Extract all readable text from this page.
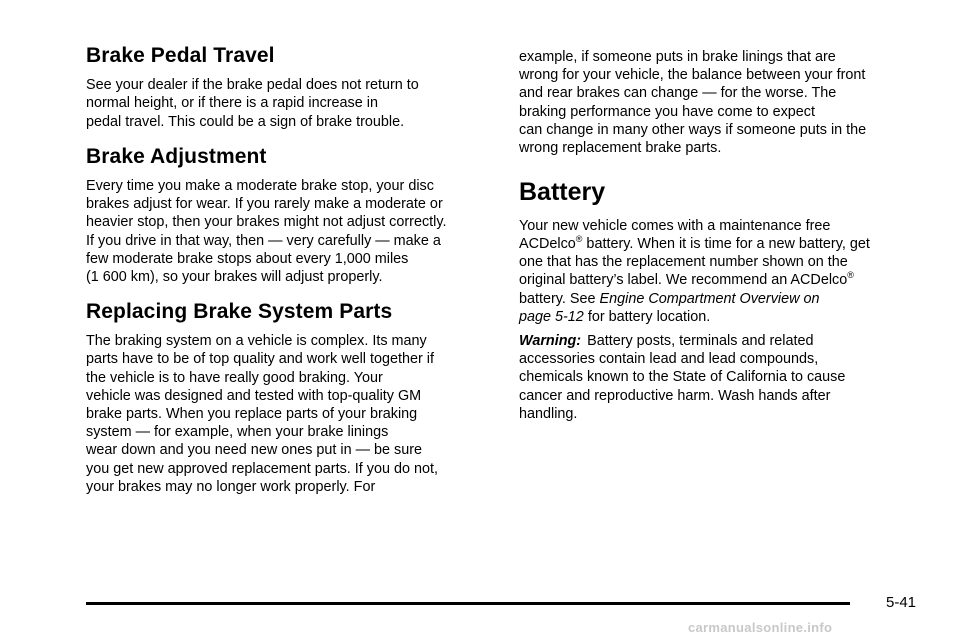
Brake Pedal Travel

See your dealer if the brake pedal does not return to
normal height, or if there is a rapid increase in
pedal travel. This could be a sign of brake trouble.

Brake Adjustment

Every time you make a moderate brake stop, your disc
brakes adjust for wear. If you rarely make a moderate or
heavier stop, then your brakes might not adjust correctly.
If you drive in that way, then — very carefully — make a
few moderate brake stops about every 1,000 miles
(1 600 km), so your brakes will adjust properly.

Replacing Brake System Parts

The braking system on a vehicle is complex. Its many
parts have to be of top quality and work well together if
the vehicle is to have really good braking. Your
vehicle was designed and tested with top-quality GM
brake parts. When you replace parts of your braking
system — for example, when your brake linings
wear down and you need new ones put in — be sure
you get new approved replacement parts. If you do not,
your brakes may no longer work properly. For

example, if someone puts in brake linings that are
wrong for your vehicle, the balance between your front
and rear brakes can change — for the worse. The
braking performance you have come to expect
can change in many other ways if someone puts in the
wrong replacement brake parts.

Battery

Your new vehicle comes with a maintenance free
ACDelco® battery. When it is time for a new battery, get
one that has the replacement number shown on the
original battery’s label. We recommend an ACDelco®
battery. See Engine Compartment Overview on
page 5-12 for battery location.

Warning: Battery posts, terminals and related
accessories contain lead and lead compounds,
chemicals known to the State of California to cause
cancer and reproductive harm. Wash hands after
handling.

5-41
carmanualsonline.info
